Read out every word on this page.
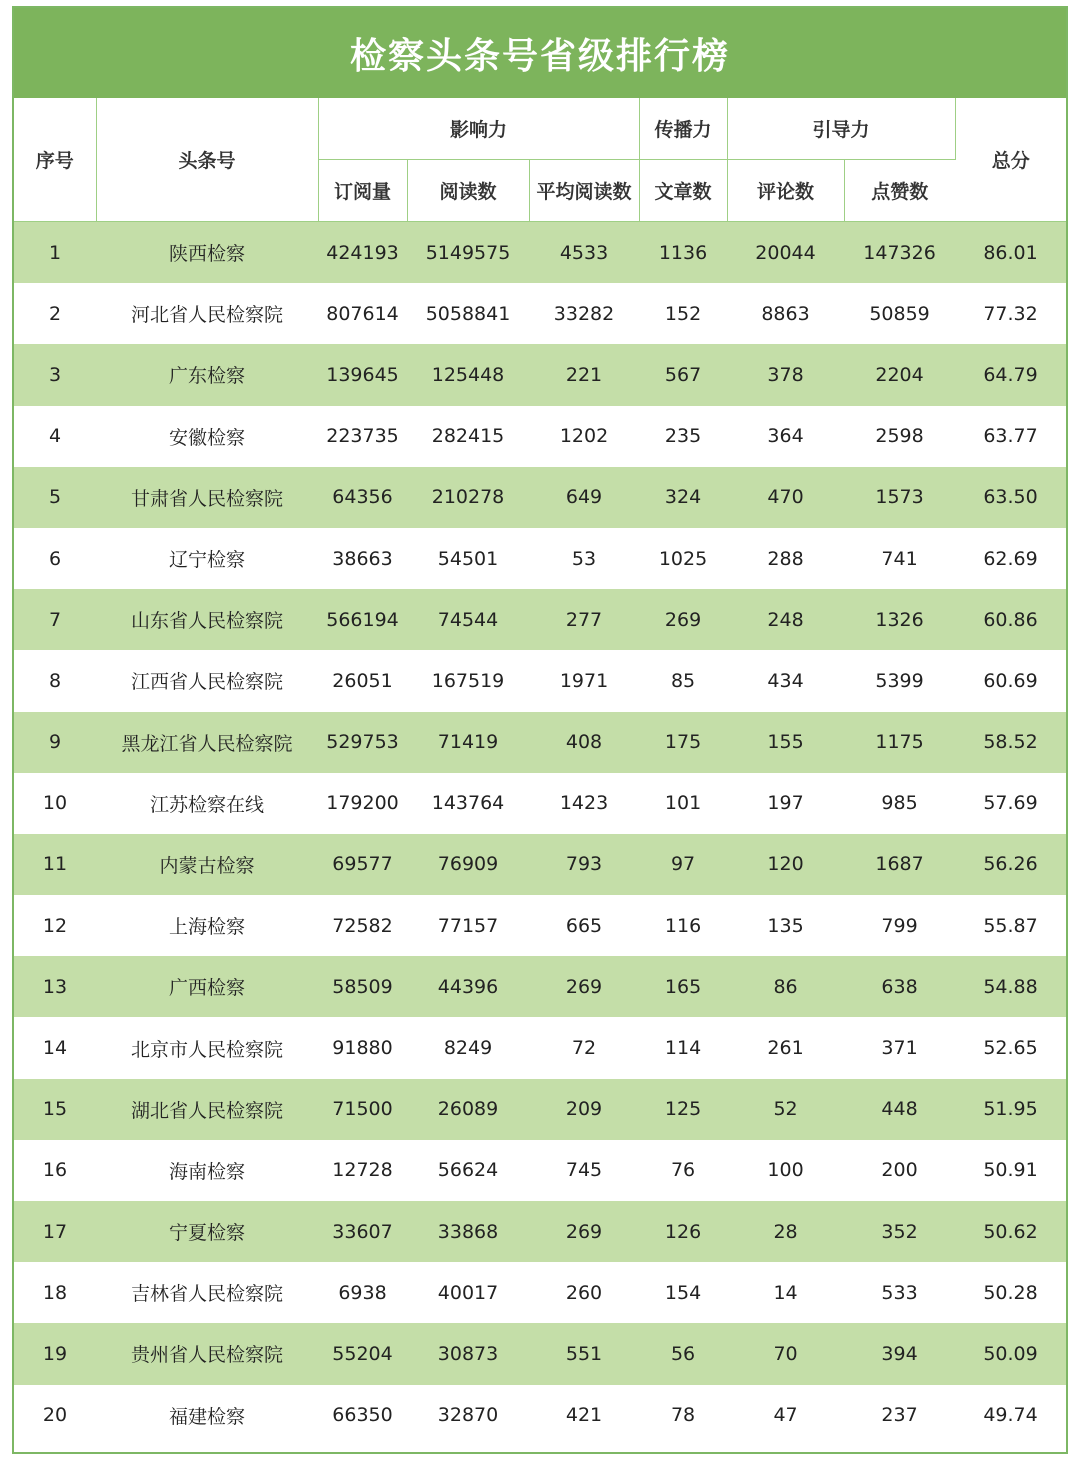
检察头条号省级排行榜
序号	头条号	影响力			传播力	引导力		总分
		订阅量	阅读数	平均阅读数	文章数	评论数	点赞数	
1	陕西检察	424193	5149575	4533	1136	20044	147326	86.01
2	河北省人民检察院	807614	5058841	33282	152	8863	50859	77.32
3	广东检察	139645	125448	221	567	378	2204	64.79
4	安徽检察	223735	282415	1202	235	364	2598	63.77
5	甘肃省人民检察院	64356	210278	649	324	470	1573	63.50
6	辽宁检察	38663	54501	53	1025	288	741	62.69
7	山东省人民检察院	566194	74544	277	269	248	1326	60.86
8	江西省人民检察院	26051	167519	1971	85	434	5399	60.69
9	黑龙江省人民检察院	529753	71419	408	175	155	1175	58.52
10	江苏检察在线	179200	143764	1423	101	197	985	57.69
11	内蒙古检察	69577	76909	793	97	120	1687	56.26
12	上海检察	72582	77157	665	116	135	799	55.87
13	广西检察	58509	44396	269	165	86	638	54.88
14	北京市人民检察院	91880	8249	72	114	261	371	52.65
15	湖北省人民检察院	71500	26089	209	125	52	448	51.95
16	海南检察	12728	56624	745	76	100	200	50.91
17	宁夏检察	33607	33868	269	126	28	352	50.62
18	吉林省人民检察院	6938	40017	260	154	14	533	50.28
19	贵州省人民检察院	55204	30873	551	56	70	394	50.09
20	福建检察	66350	32870	421	78	47	237	49.74
